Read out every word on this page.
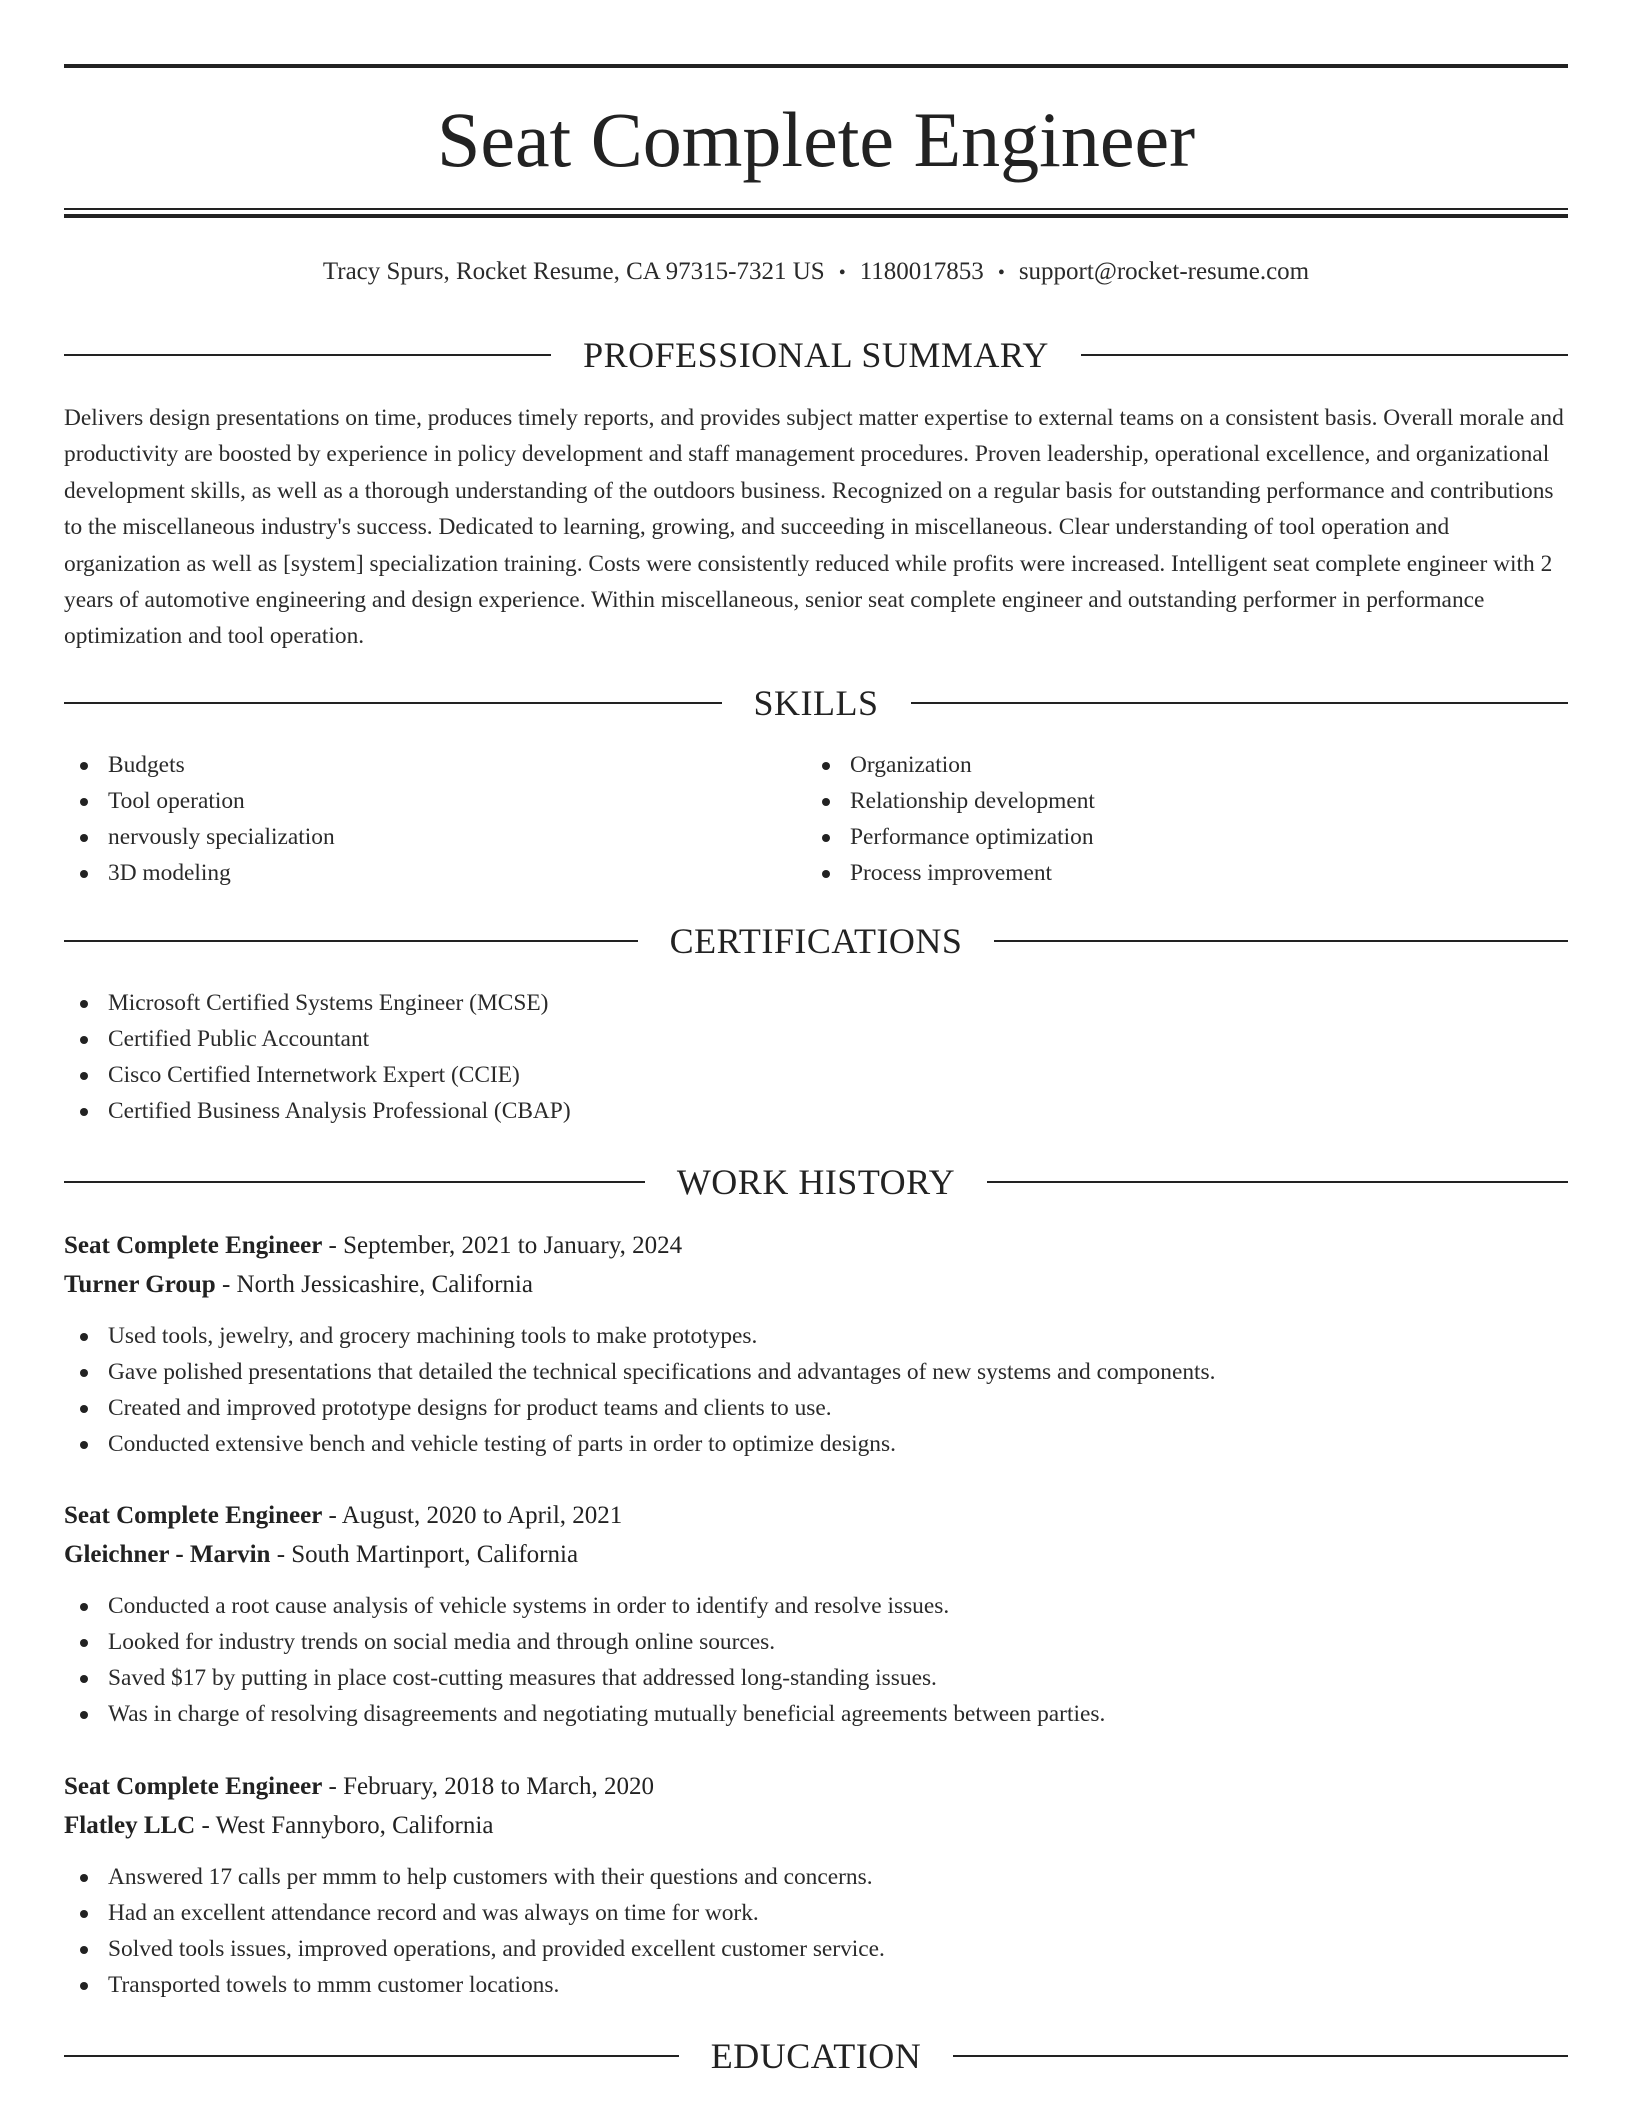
Seat Complete Engineer
Tracy Spurs, Rocket Resume, CA 97315-7321 US • 1180017853 • support@rocket-resume.com
PROFESSIONAL SUMMARY

Delivers design presentations on time, produces timely reports, and provides subject matter expertise to external teams on a consistent basis. Overall morale and productivity are boosted by experience in policy development and staff management procedures. Proven leadership, operational excellence, and organizational development skills, as well as a thorough understanding of the outdoors business. Recognized on a regular basis for outstanding performance and contributions to the miscellaneous industry's success. Dedicated to learning, growing, and succeeding in miscellaneous. Clear understanding of tool operation and organization as well as [system] specialization training. Costs were consistently reduced while profits were increased. Intelligent seat complete engineer with 2 years of automotive engineering and design experience. Within miscellaneous, senior seat complete engineer and outstanding performer in performance optimization and tool operation.

SKILLS
Budgets
Tool operation
nervously specialization
3D modeling
Organization
Relationship development
Performance optimization
Process improvement
CERTIFICATIONS
Microsoft Certified Systems Engineer (MCSE)
Certified Public Accountant
Cisco Certified Internetwork Expert (CCIE)
Certified Business Analysis Professional (CBAP)
WORK HISTORY
Seat Complete Engineer - September, 2021 to January, 2024
Turner Group - North Jessicashire, California
Used tools, jewelry, and grocery machining tools to make prototypes.
Gave polished presentations that detailed the technical specifications and advantages of new systems and components.
Created and improved prototype designs for product teams and clients to use.
Conducted extensive bench and vehicle testing of parts in order to optimize designs.
Seat Complete Engineer - August, 2020 to April, 2021
Gleichner - Marvin - South Martinport, California
Conducted a root cause analysis of vehicle systems in order to identify and resolve issues.
Looked for industry trends on social media and through online sources.
Saved $17 by putting in place cost-cutting measures that addressed long-standing issues.
Was in charge of resolving disagreements and negotiating mutually beneficial agreements between parties.
Seat Complete Engineer - February, 2018 to March, 2020
Flatley LLC - West Fannyboro, California
Answered 17 calls per mmm to help customers with their questions and concerns.
Had an excellent attendance record and was always on time for work.
Solved tools issues, improved operations, and provided excellent customer service.
Transported towels to mmm customer locations.
EDUCATION
